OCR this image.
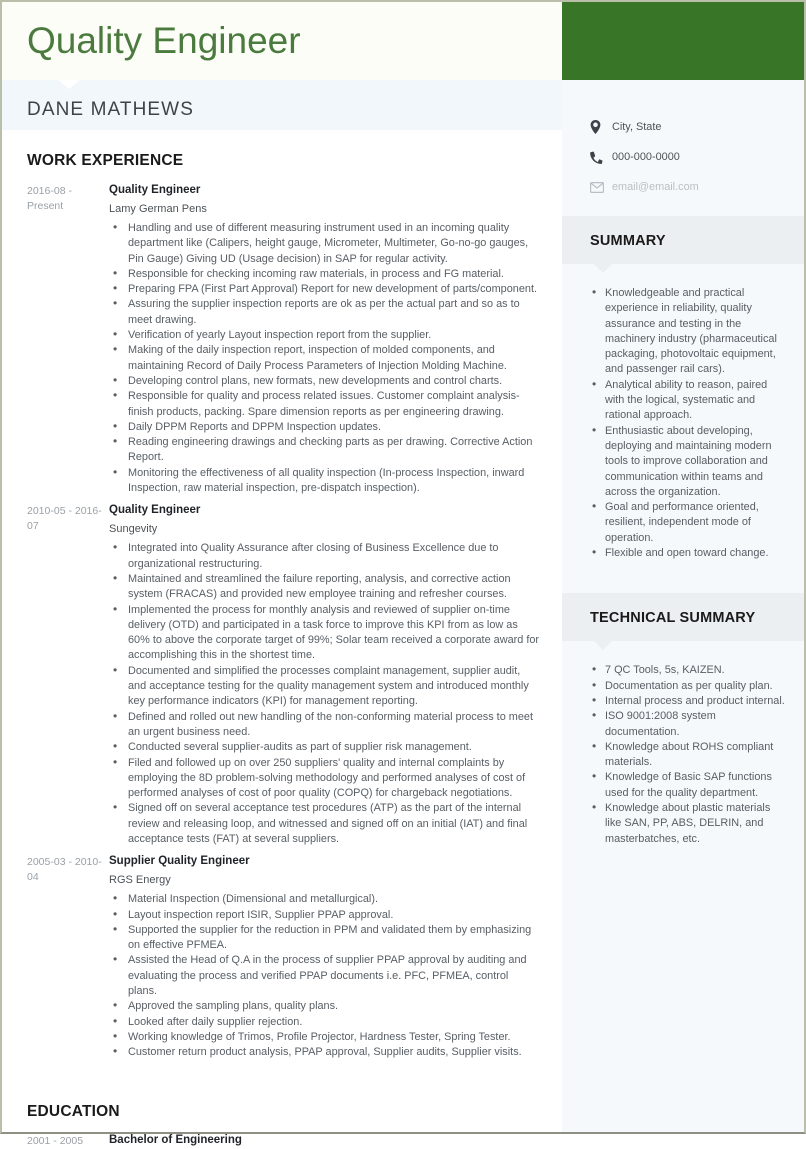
Quality Engineer
DANE MATHEWS
WORK EXPERIENCE
2016-08 - Present
Quality Engineer
Lamy German Pens
• Handling and use of different measuring instrument used in an incoming quality department like (Calipers, height gauge, Micrometer, Multimeter, Go-no-go gauges, Pin Gauge) Giving UD (Usage decision) in SAP for regular activity.
• Responsible for checking incoming raw materials, in process and FG material.
• Preparing FPA (First Part Approval) Report for new development of parts/component.
• Assuring the supplier inspection reports are ok as per the actual part and so as to meet drawing.
• Verification of yearly Layout inspection report from the supplier.
• Making of the daily inspection report, inspection of molded components, and maintaining Record of Daily Process Parameters of Injection Molding Machine.
• Developing control plans, new formats, new developments and control charts.
• Responsible for quality and process related issues. Customer complaint analysis-finish products, packing. Spare dimension reports as per engineering drawing.
• Daily DPPM Reports and DPPM Inspection updates.
• Reading engineering drawings and checking parts as per drawing. Corrective Action Report.
• Monitoring the effectiveness of all quality inspection (In-process Inspection, inward Inspection, raw material inspection, pre-dispatch inspection).
2010-05 - 2016-07
Quality Engineer
Sungevity
• Integrated into Quality Assurance after closing of Business Excellence due to organizational restructuring.
• Maintained and streamlined the failure reporting, analysis, and corrective action system (FRACAS) and provided new employee training and refresher courses.
• Implemented the process for monthly analysis and reviewed of supplier on-time delivery (OTD) and participated in a task force to improve this KPI from as low as 60% to above the corporate target of 99%; Solar team received a corporate award for accomplishing this in the shortest time.
• Documented and simplified the processes complaint management, supplier audit, and acceptance testing for the quality management system and introduced monthly key performance indicators (KPI) for management reporting.
• Defined and rolled out new handling of the non-conforming material process to meet an urgent business need.
• Conducted several supplier-audits as part of supplier risk management.
• Filed and followed up on over 250 suppliers' quality and internal complaints by employing the 8D problem-solving methodology and performed analyses of cost of performed analyses of cost of poor quality (COPQ) for chargeback negotiations.
• Signed off on several acceptance test procedures (ATP) as the part of the internal review and releasing loop, and witnessed and signed off on an initial (IAT) and final acceptance tests (FAT) at several suppliers.
2005-03 - 2010-04
Supplier Quality Engineer
RGS Energy
• Material Inspection (Dimensional and metallurgical).
• Layout inspection report ISIR, Supplier PPAP approval.
• Supported the supplier for the reduction in PPM and validated them by emphasizing on effective PFMEA.
• Assisted the Head of Q.A in the process of supplier PPAP approval by auditing and evaluating the process and verified PPAP documents i.e. PFC, PFMEA, control plans.
• Approved the sampling plans, quality plans.
• Looked after daily supplier rejection.
• Working knowledge of Trimos, Profile Projector, Hardness Tester, Spring Tester.
• Customer return product analysis, PPAP approval, Supplier audits, Supplier visits.
EDUCATION
2001 - 2005	Bachelor of Engineering
City, State
000-000-0000
email@email.com
SUMMARY
• Knowledgeable and practical experience in reliability, quality assurance and testing in the machinery industry (pharmaceutical packaging, photovoltaic equipment, and passenger rail cars).
• Analytical ability to reason, paired with the logical, systematic and rational approach.
• Enthusiastic about developing, deploying and maintaining modern tools to improve collaboration and communication within teams and across the organization.
• Goal and performance oriented, resilient, independent mode of operation.
• Flexible and open toward change.
TECHNICAL SUMMARY
• 7 QC Tools, 5s, KAIZEN.
• Documentation as per quality plan.
• Internal process and product internal.
• ISO 9001:2008 system documentation.
• Knowledge about ROHS compliant materials.
• Knowledge of Basic SAP functions used for the quality department.
• Knowledge about plastic materials like SAN, PP, ABS, DELRIN, and masterbatches, etc.
